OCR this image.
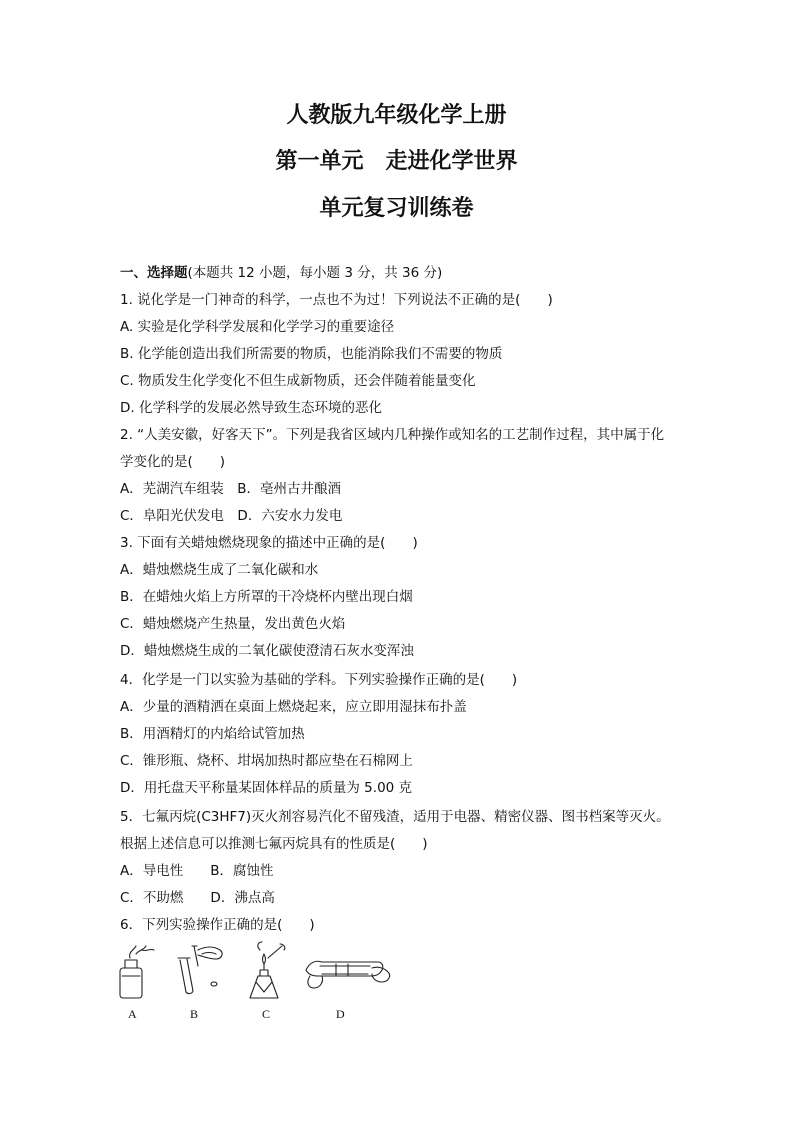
人教版九年级化学上册
第一单元　走进化学世界
单元复习训练卷
一、选择题(本题共 12 小题，每小题 3 分，共 36 分)
1. 说化学是一门神奇的科学，一点也不为过！下列说法不正确的是(　　)
A. 实验是化学科学发展和化学学习的重要途径
B. 化学能创造出我们所需要的物质，也能消除我们不需要的物质
C. 物质发生化学变化不但生成新物质，还会伴随着能量变化
D. 化学科学的发展必然导致生态环境的恶化
2. “人美安徽，好客天下”。下列是我省区域内几种操作或知名的工艺制作过程，其中属于化
学变化的是(　　)
A．芜湖汽车组装　B．亳州古井酿酒
C．阜阳光伏发电　D．六安水力发电
3. 下面有关蜡烛燃烧现象的描述中正确的是(　　)
A．蜡烛燃烧生成了二氧化碳和水
B．在蜡烛火焰上方所罩的干冷烧杯内壁出现白烟
C．蜡烛燃烧产生热量，发出黄色火焰
D．蜡烛燃烧生成的二氧化碳使澄清石灰水变浑浊
4．化学是一门以实验为基础的学科。下列实验操作正确的是(　　)
A．少量的酒精洒在桌面上燃烧起来，应立即用湿抹布扑盖
B．用酒精灯的内焰给试管加热
C．锥形瓶、烧杯、坩埚加热时都应垫在石棉网上
D．用托盘天平称量某固体样品的质量为 5.00 克
5．七氟丙烷(C3HF7)灭火剂容易汽化不留残渣，适用于电器、精密仪器、图书档案等灭火。
根据上述信息可以推测七氟丙烷具有的性质是(　　)
A．导电性　　B．腐蚀性
C．不助燃　　D．沸点高
6．下列实验操作正确的是(　　)
A	B	C	D
